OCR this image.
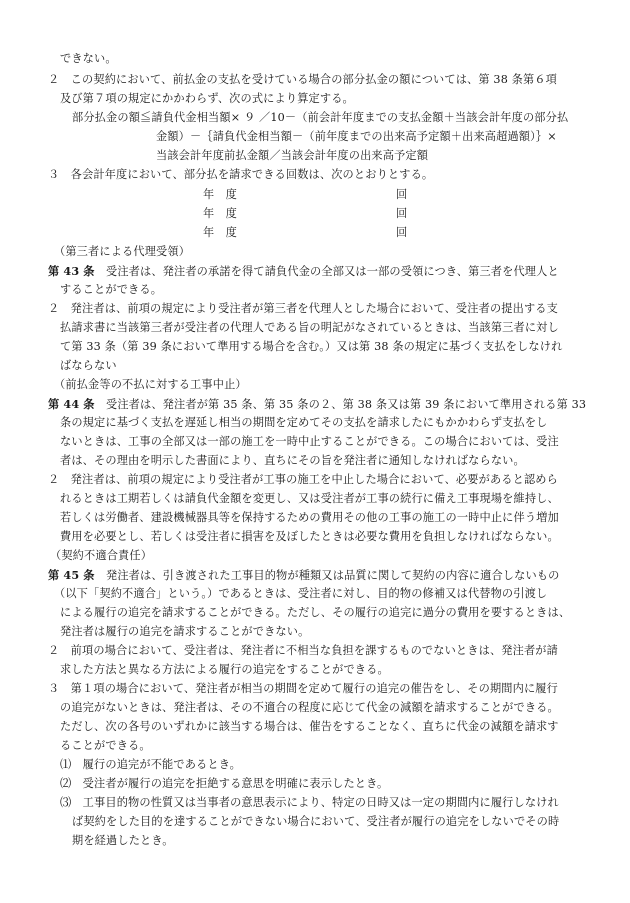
できない。
２　この契約において、前払金の支払を受けている場合の部分払金の額については、第 38 条第６項
及び第７項の規定にかかわらず、次の式により算定する。
部分払金の額≦請負代金相当額× ９ ／10－（前会計年度までの支払金額＋当該会計年度の部分払
金額）－｛請負代金相当額－（前年度までの出来高予定額＋出来高超過額）｝×
当該会計年度前払金額／当該会計年度の出来高予定額
３　各会計年度において、部分払を請求できる回数は、次のとおりとする。
年　度	回
年　度	回
年　度	回
（第三者による代理受領）
第 43 条　 受注者は、発注者の承諾を得て請負代金の全部又は一部の受領につき、第三者を代理人と
することができる。
２　発注者は、前項の規定により受注者が第三者を代理人とした場合において、受注者の提出する支
払請求書に当該第三者が受注者の代理人である旨の明記がなされているときは、当該第三者に対し
て第 33 条（第 39 条において準用する場合を含む。）又は第 38 条の規定に基づく支払をしなけれ
ばならない
（前払金等の不払に対する工事中止）
第 44 条　 受注者は、発注者が第 35 条、第 35 条の２、第 38 条又は第 39 条において準用される第 33
条の規定に基づく支払を遅延し相当の期間を定めてその支払を請求したにもかかわらず支払をし
ないときは、工事の全部又は一部の施工を一時中止することができる。この場合においては、受注
者は、その理由を明示した書面により、直ちにその旨を発注者に通知しなければならない。
２　発注者は、前項の規定により受注者が工事の施工を中止した場合において、必要があると認めら
れるときは工期若しくは請負代金額を変更し、又は受注者が工事の続行に備え工事現場を維持し、
若しくは労働者、建設機械器具等を保持するための費用その他の工事の施工の一時中止に伴う増加
費用を必要とし、若しくは受注者に損害を及ぼしたときは必要な費用を負担しなければならない。
（契約不適合責任）
第 45 条　 発注者は、引き渡された工事目的物が種類又は品質に関して契約の内容に適合しないもの
（以下「契約不適合」という。）であるときは、受注者に対し、目的物の修補又は代替物の引渡し
による履行の追完を請求することができる。ただし、その履行の追完に過分の費用を要するときは、
発注者は履行の追完を請求することができない。
２　前項の場合において、受注者は、発注者に不相当な負担を課するものでないときは、発注者が請
求した方法と異なる方法による履行の追完をすることができる。
３　第１項の場合において、発注者が相当の期間を定めて履行の追完の催告をし、その期間内に履行
の追完がないときは、発注者は、その不適合の程度に応じて代金の減額を請求することができる。
ただし、次の各号のいずれかに該当する場合は、催告をすることなく、直ちに代金の減額を請求す
ることができる。
⑴　履行の追完が不能であるとき。
⑵　受注者が履行の追完を拒絶する意思を明確に表示したとき。
⑶　工事目的物の性質又は当事者の意思表示により、特定の日時又は一定の期間内に履行しなけれ
ば契約をした目的を達することができない場合において、受注者が履行の追完をしないでその時
期を経過したとき。
